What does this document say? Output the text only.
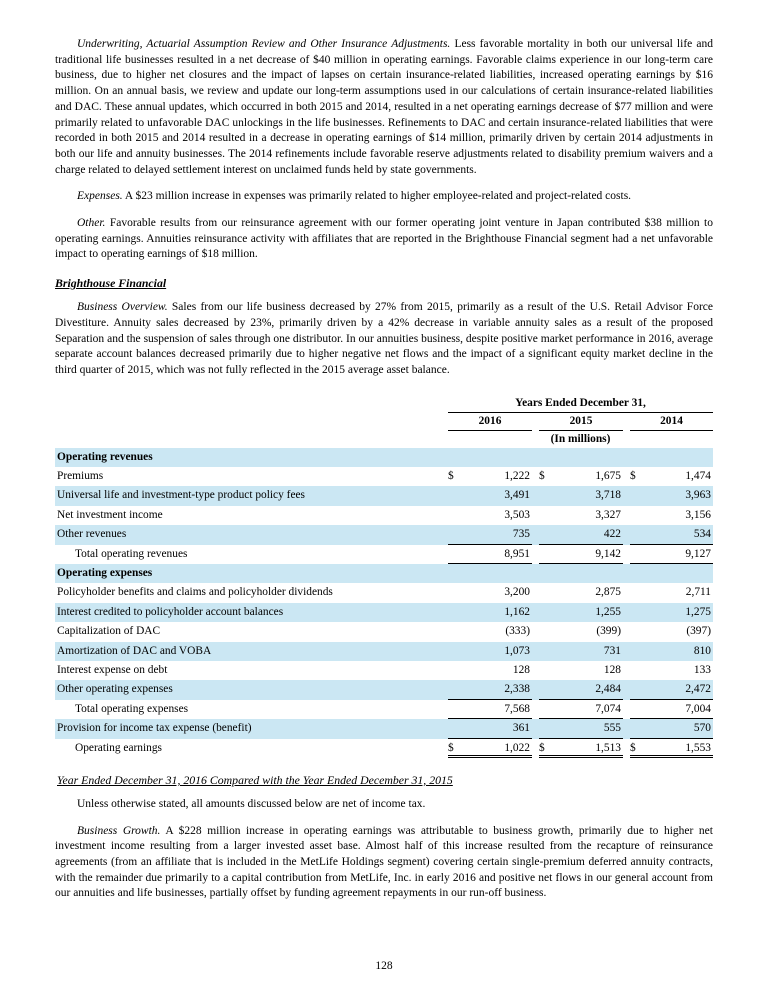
Underwriting, Actuarial Assumption Review and Other Insurance Adjustments. Less favorable mortality in both our universal life and traditional life businesses resulted in a net decrease of $40 million in operating earnings. Favorable claims experience in our long-term care business, due to higher net closures and the impact of lapses on certain insurance-related liabilities, increased operating earnings by $16 million. On an annual basis, we review and update our long-term assumptions used in our calculations of certain insurance-related liabilities and DAC. These annual updates, which occurred in both 2015 and 2014, resulted in a net operating earnings decrease of $77 million and were primarily related to unfavorable DAC unlockings in the life businesses. Refinements to DAC and certain insurance-related liabilities that were recorded in both 2015 and 2014 resulted in a decrease in operating earnings of $14 million, primarily driven by certain 2014 adjustments in both our life and annuity businesses. The 2014 refinements include favorable reserve adjustments related to disability premium waivers and a charge related to delayed settlement interest on unclaimed funds held by state governments.

Expenses. A $23 million increase in expenses was primarily related to higher employee-related and project-related costs.

Other. Favorable results from our reinsurance agreement with our former operating joint venture in Japan contributed $38 million to operating earnings. Annuities reinsurance activity with affiliates that are reported in the Brighthouse Financial segment had a net unfavorable impact to operating earnings of $18 million.

Brighthouse Financial

Business Overview. Sales from our life business decreased by 27% from 2015, primarily as a result of the U.S. Retail Advisor Force Divestiture. Annuity sales decreased by 23%, primarily driven by a 42% decrease in variable annuity sales as a result of the proposed Separation and the suspension of sales through one distributor. In our annuities business, despite positive market performance in 2016, average separate account balances decreased primarily due to higher negative net flows and the impact of a significant equity market decline in the third quarter of 2015, which was not fully reflected in the 2015 average asset balance.

Years Ended December 31,
2016	2015	2014
(In millions)
Operating revenues
Premiums	$	1,222 $	1,675 $	1,474
Universal life and investment-type product policy fees	3,491	3,718	3,963
Net investment income	3,503	3,327	3,156
Other revenues	735	422	534
Total operating revenues	8,951	9,142	9,127
Operating expenses
Policyholder benefits and claims and policyholder dividends	3,200	2,875	2,711
Interest credited to policyholder account balances	1,162	1,255	1,275
Capitalization of DAC	(333)	(399)	(397)
Amortization of DAC and VOBA	1,073	731	810
Interest expense on debt	128	128	133
Other operating expenses	2,338	2,484	2,472
Total operating expenses	7,568	7,074	7,004
Provision for income tax expense (benefit)	361	555	570
Operating earnings	$	1,022 $	1,513 $	1,553
Year Ended December 31, 2016 Compared with the Year Ended December 31, 2015

Unless otherwise stated, all amounts discussed below are net of income tax.

Business Growth. A $228 million increase in operating earnings was attributable to business growth, primarily due to higher net investment income resulting from a larger invested asset base. Almost half of this increase resulted from the recapture of reinsurance agreements (from an affiliate that is included in the MetLife Holdings segment) covering certain single-premium deferred annuity contracts, with the remainder due primarily to a capital contribution from MetLife, Inc. in early 2016 and positive net flows in our general account from our annuities and life businesses, partially offset by funding agreement repayments in our run-off business.

128
